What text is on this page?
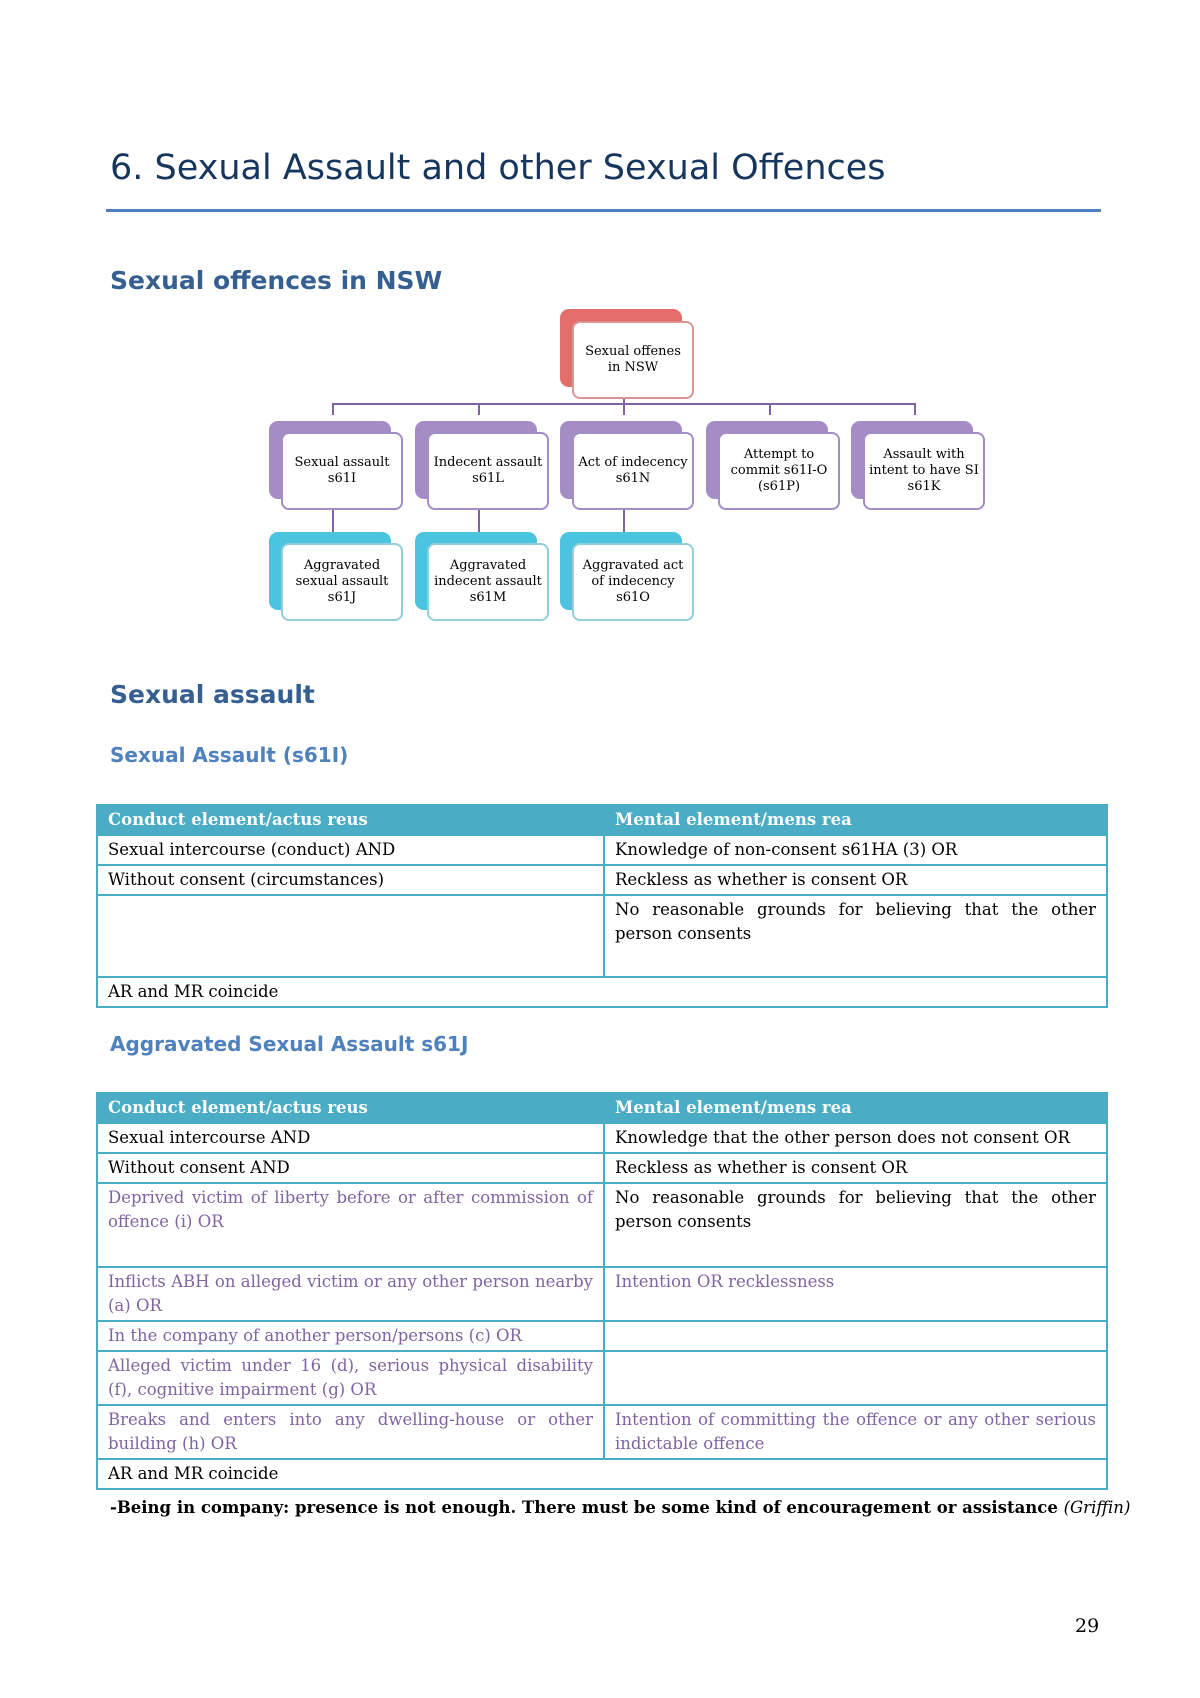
6. Sexual Assault and other Sexual Offences
Sexual offences in NSW
Sexual offenes in NSW
Sexual assault s61I
Indecent assault s61L
Act of indecency s61N
Attempt to commit s61I-O (s61P)
Assault with intent to have SI s61K
Aggravated sexual assault s61J
Aggravated indecent assault s61M
Aggravated act of indecency s61O
Sexual assault
Sexual Assault (s61I)
Conduct element/actus reus	Mental element/mens rea
Sexual intercourse (conduct) AND	Knowledge of non-consent s61HA (3) OR
Without consent (circumstances)	Reckless as whether is consent OR
	No reasonable grounds for believing that the other person consents
AR and MR coincide	
Aggravated Sexual Assault s61J
Conduct element/actus reus	Mental element/mens rea
Sexual intercourse AND	Knowledge that the other person does not consent OR
Without consent AND	Reckless as whether is consent OR
Deprived victim of liberty before or after commission of offence (i) OR	No reasonable grounds for believing that the other person consents
Inflicts ABH on alleged victim or any other person nearby (a) OR	Intention OR recklessness
In the company of another person/persons (c) OR	
Alleged victim under 16 (d), serious physical disability (f), cognitive impairment (g) OR	
Breaks and enters into any dwelling-house or other building (h) OR	Intention of committing the offence or any other serious indictable offence
AR and MR coincide	
-Being in company: presence is not enough. There must be some kind of encouragement or assistance (Griffin)
29
